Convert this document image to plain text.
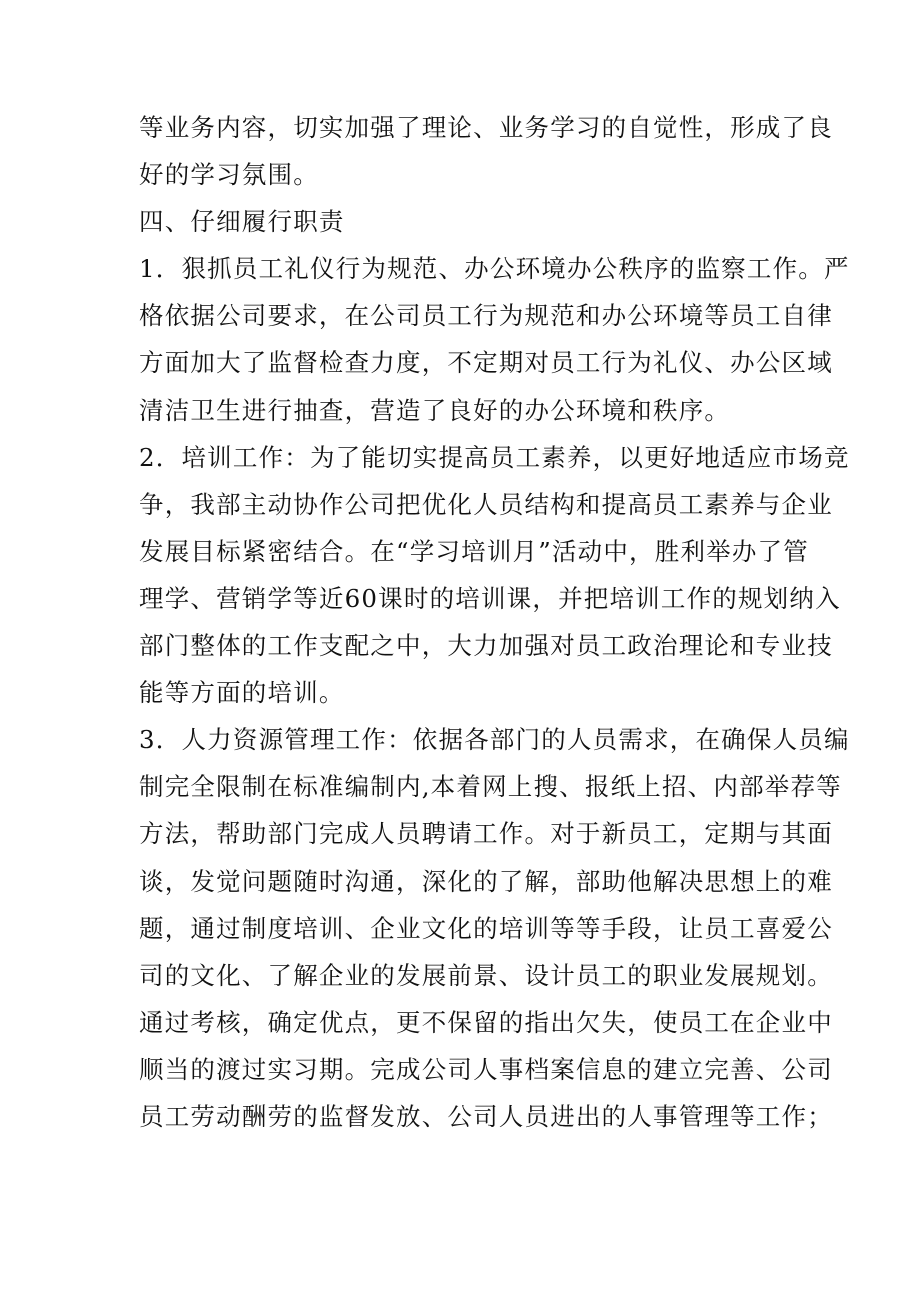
等业务内容，切实加强了理论、业务学习的自觉性，形成了良
好的学习氛围。
四、仔细履行职责
1．狠抓员工礼仪行为规范、办公环境办公秩序的监察工作。严
格依据公司要求，在公司员工行为规范和办公环境等员工自律
方面加大了监督检查力度，不定期对员工行为礼仪、办公区域
清洁卫生进行抽查，营造了良好的办公环境和秩序。
2．培训工作：为了能切实提高员工素养，以更好地适应市场竞
争，我部主动协作公司把优化人员结构和提高员工素养与企业
发展目标紧密结合。在“学习培训月”活动中，胜利举办了管
理学、营销学等近60课时的培训课，并把培训工作的规划纳入
部门整体的工作支配之中，大力加强对员工政治理论和专业技
能等方面的培训。
3．人力资源管理工作：依据各部门的人员需求，在确保人员编
制完全限制在标准编制内,本着网上搜、报纸上招、内部举荐等
方法，帮助部门完成人员聘请工作。对于新员工，定期与其面
谈，发觉问题随时沟通，深化的了解，部助他解决思想上的难
题，通过制度培训、企业文化的培训等等手段，让员工喜爱公
司的文化、了解企业的发展前景、设计员工的职业发展规划。
通过考核，确定优点，更不保留的指出欠失，使员工在企业中
顺当的渡过实习期。完成公司人事档案信息的建立完善、公司
员工劳动酬劳的监督发放、公司人员进出的人事管理等工作；
